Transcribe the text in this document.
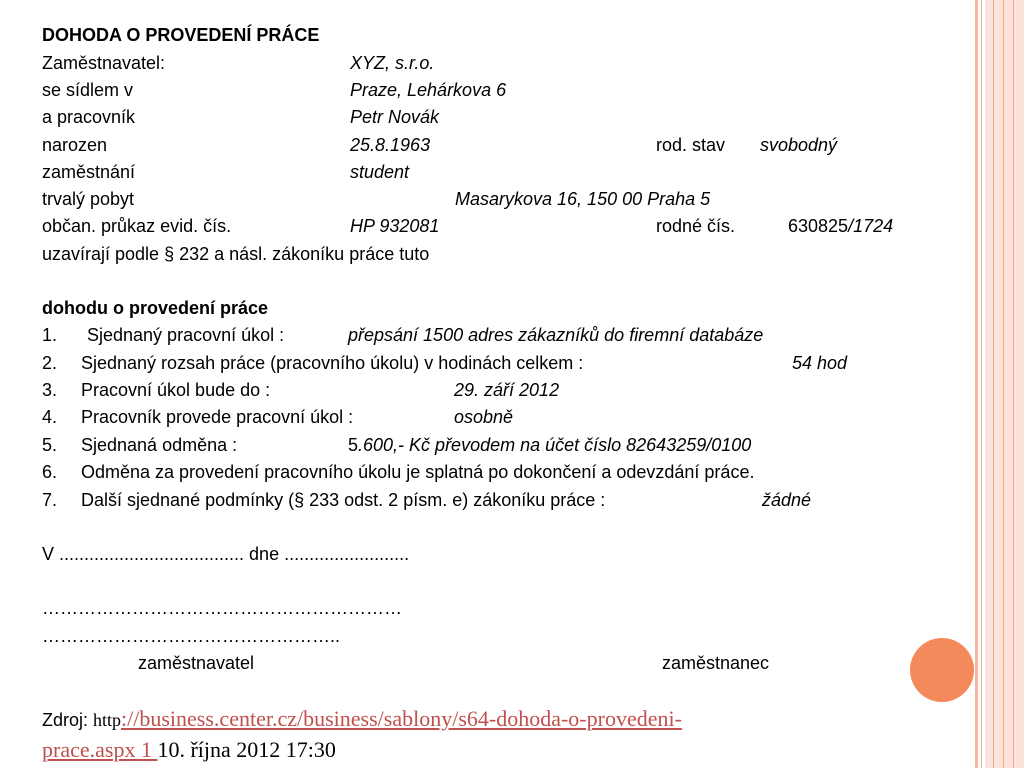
DOHODA O PROVEDENÍ PRÁCE
Zaměstnavatel:	XYZ, s.r.o.
se sídlem v	Praze, Lehárkova 6
a pracovník	Petr Novák
narozen	25.8.1963	rod. stav svobodný
zaměstnání	student
trvalý pobyt	Masarykova 16, 150 00 Praha 5
občan. průkaz evid. čís.	HP 932081	rodné čís.	630825/1724
uzavírají podle § 232 a násl. zákoníku práce tuto
dohodu o provedení práce
1. Sjednaný pracovní úkol :	přepsání 1500 adres zákazníků do firemní databáze
2. Sjednaný rozsah práce (pracovního úkolu) v hodinách celkem :	54 hod
3. Pracovní úkol bude do :	29. září 2012
4. Pracovník provede pracovní úkol :	osobně
5. Sjednaná odměna :	5.600,- Kč převodem na účet číslo 82643259/0100
6. Odměna za provedení pracovního úkolu je splatná po dokončení a odevzdání práce.
7. Další sjednané podmínky (§ 233 odst. 2 písm. e) zákoníku práce :	žádné
V ..................................... dne .........................
……………………………………………………
…………………………………………..
zaměstnavatel	zaměstnanec
Zdroj: http://business.center.cz/business/sablony/s64-dohoda-o-provedeni-
prace.aspx 1 10. října 2012 17:30
